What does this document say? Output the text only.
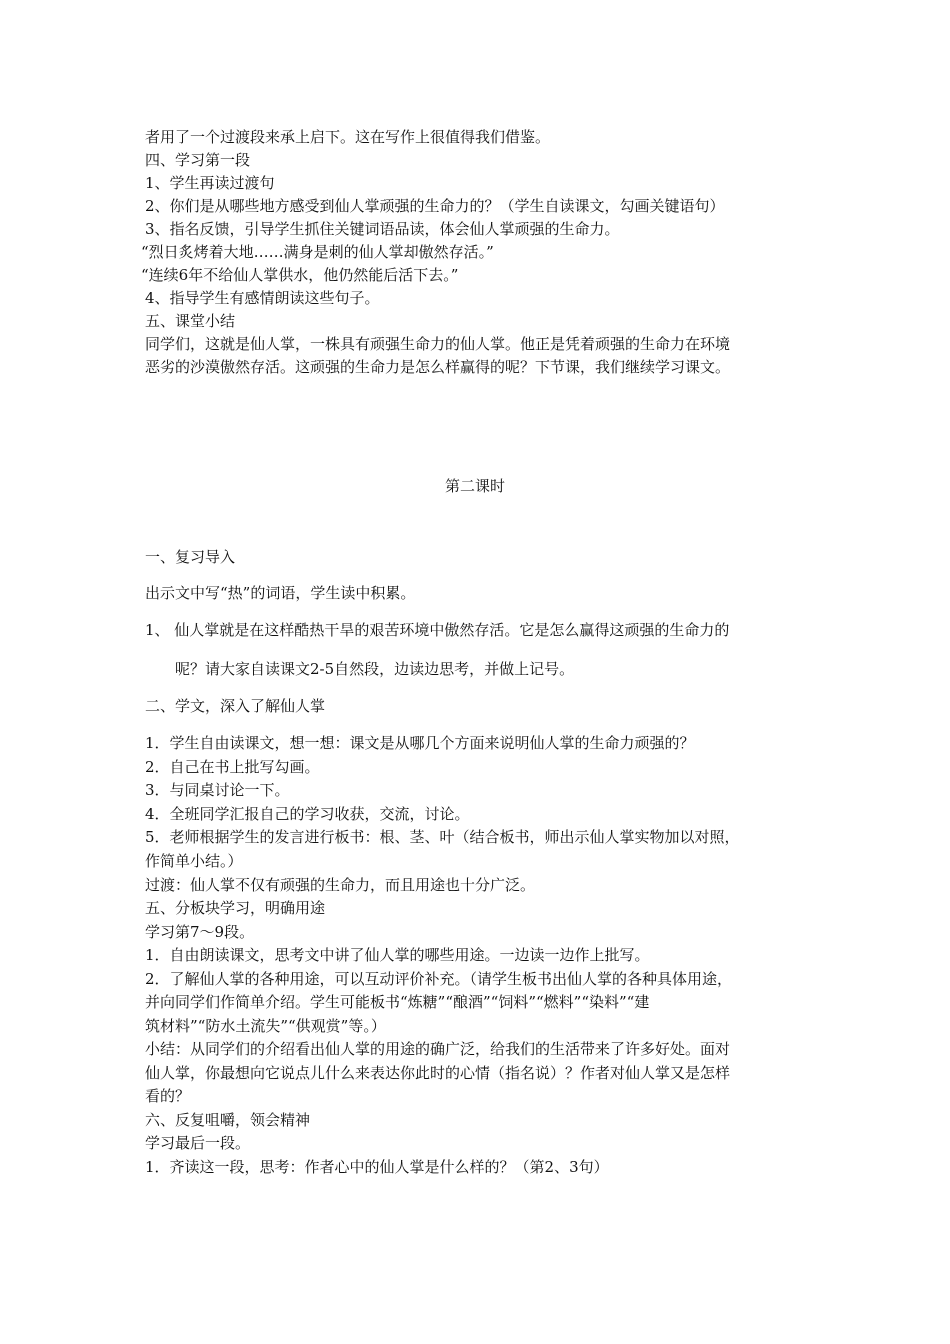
者用了一个过渡段来承上启下。这在写作上很值得我们借鉴。
四、学习第一段
1、学生再读过渡句
2、你们是从哪些地方感受到仙人掌顽强的生命力的？（学生自读课文，勾画关键语句）
3、指名反馈，引导学生抓住关键词语品读，体会仙人掌顽强的生命力。
“烈日炙烤着大地……满身是刺的仙人掌却傲然存活。”
“连续6年不给仙人掌供水，他仍然能后活下去。”
4、指导学生有感情朗读这些句子。
五、课堂小结
同学们，这就是仙人掌，一株具有顽强生命力的仙人掌。他正是凭着顽强的生命力在环境
恶劣的沙漠傲然存活。这顽强的生命力是怎么样赢得的呢？下节课，我们继续学习课文。
第二课时
一、复习导入
出示文中写“热”的词语，学生读中积累。
1、 仙人掌就是在这样酷热干旱的艰苦环境中傲然存活。它是怎么赢得这顽强的生命力的
呢？请大家自读课文2-5自然段，边读边思考，并做上记号。
二、学文，深入了解仙人掌
1．学生自由读课文，想一想：课文是从哪几个方面来说明仙人掌的生命力顽强的？
2．自己在书上批写勾画。
3．与同桌讨论一下。
4．全班同学汇报自己的学习收获，交流，讨论。
5．老师根据学生的发言进行板书：根、茎、叶（结合板书，师出示仙人掌实物加以对照，
作简单小结。）
过渡：仙人掌不仅有顽强的生命力，而且用途也十分广泛。
五、分板块学习，明确用途
学习第7～9段。
1．自由朗读课文，思考文中讲了仙人掌的哪些用途。一边读一边作上批写。
2．了解仙人掌的各种用途，可以互动评价补充。（请学生板书出仙人掌的各种具体用途，
并向同学们作简单介绍。学生可能板书“炼糖”“酿酒”“饲料”“燃料”“染料”“建
筑材料”“防水土流失”“供观赏”等。）
小结：从同学们的介绍看出仙人掌的用途的确广泛，给我们的生活带来了许多好处。面对
仙人掌，你最想向它说点儿什么来表达你此时的心情（指名说）？作者对仙人掌又是怎样
看的？
六、反复咀嚼，领会精神
学习最后一段。
1．齐读这一段，思考：作者心中的仙人掌是什么样的？（第2、3句）
